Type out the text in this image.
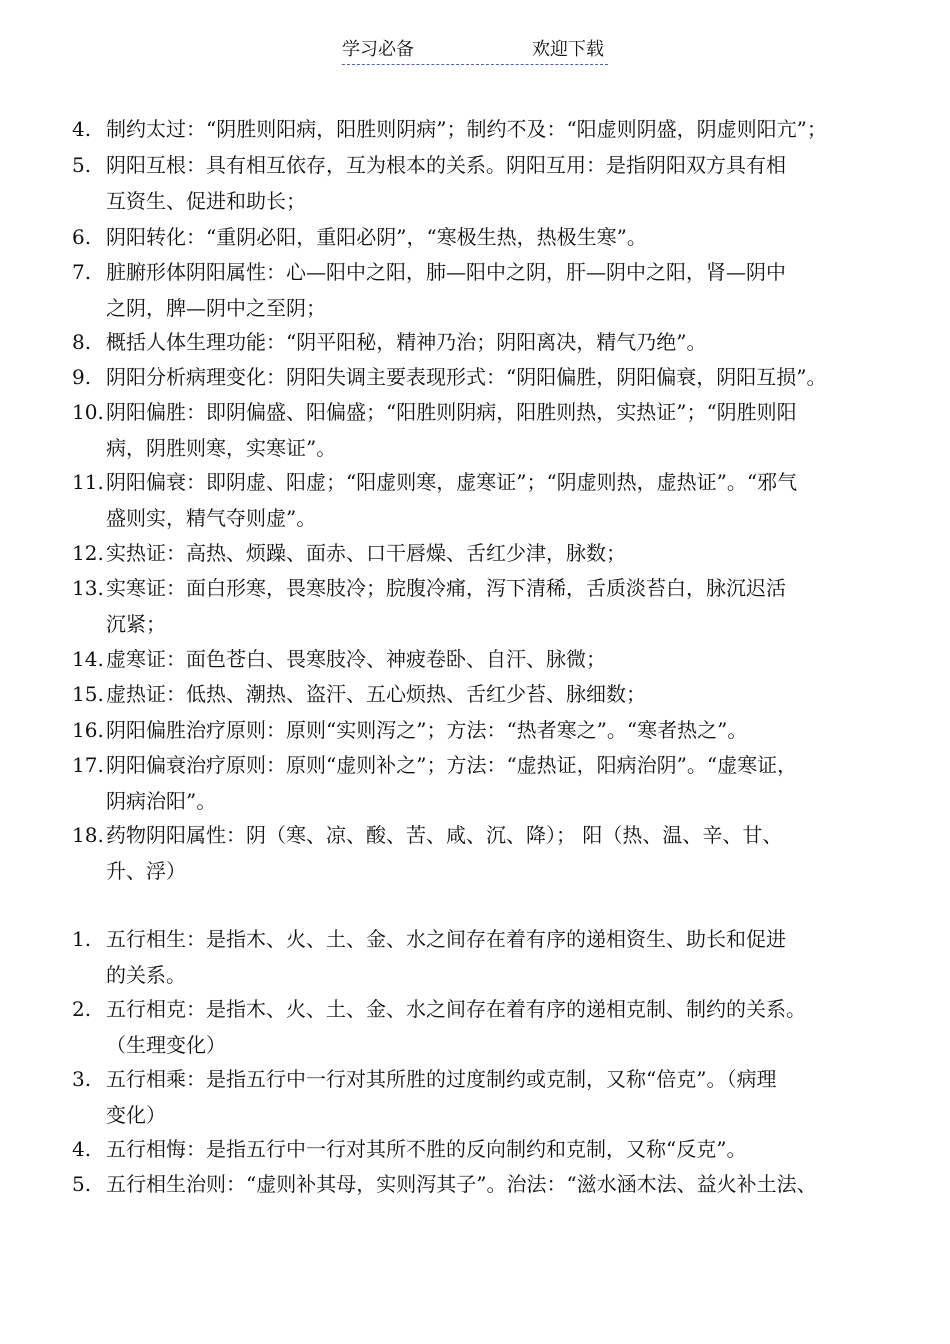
学习必备	欢迎下载
4. 制约太过：“阴胜则阳病，阳胜则阴病”；制约不及：“阳虚则阴盛，阴虚则阳亢”；
5. 阴阳互根：具有相互依存，互为根本的关系。阴阳互用：是指阴阳双方具有相
互资生、促进和助长；
6. 阴阳转化：“重阴必阳，重阳必阴”，“寒极生热，热极生寒”。
7. 脏腑形体阴阳属性：心—阳中之阳，肺—阳中之阴，肝—阴中之阳，肾—阴中
之阴，脾—阴中之至阴；
8. 概括人体生理功能：“阴平阳秘，精神乃治；阴阳离决，精气乃绝”。
9. 阴阳分析病理变化：阴阳失调主要表现形式：“阴阳偏胜，阴阳偏衰，阴阳互损”。
10. 阴阳偏胜：即阴偏盛、阳偏盛；“阳胜则阴病，阳胜则热，实热证”；“阴胜则阳
病，阴胜则寒，实寒证”。
11. 阴阳偏衰：即阴虚、阳虚；“阳虚则寒，虚寒证”；“阴虚则热，虚热证”。“邪气
盛则实，精气夺则虚”。
12. 实热证：高热、烦躁、面赤、口干唇燥、舌红少津，脉数；
13. 实寒证：面白形寒，畏寒肢冷；脘腹冷痛，泻下清稀，舌质淡苔白，脉沉迟活
沉紧；
14. 虚寒证：面色苍白、畏寒肢冷、神疲卷卧、自汗、脉微；
15. 虚热证：低热、潮热、盗汗、五心烦热、舌红少苔、脉细数；
16. 阴阳偏胜治疗原则：原则“实则泻之”；方法：“热者寒之”。“寒者热之”。
17. 阴阳偏衰治疗原则：原则“虚则补之”；方法：“虚热证，阳病治阴”。“虚寒证，
阴病治阳”。
18. 药物阴阳属性：阴（寒、凉、酸、苦、咸、沉、降）； 阳（热、温、辛、甘、
升、浮）
1. 五行相生：是指木、火、土、金、水之间存在着有序的递相资生、助长和促进
的关系。
2. 五行相克：是指木、火、土、金、水之间存在着有序的递相克制、制约的关系。
（生理变化）
3. 五行相乘：是指五行中一行对其所胜的过度制约或克制，又称“倍克”。（病理
变化）
4. 五行相悔：是指五行中一行对其所不胜的反向制约和克制，又称“反克”。
5. 五行相生治则：“虚则补其母，实则泻其子”。治法：“滋水涵木法、益火补土法、
